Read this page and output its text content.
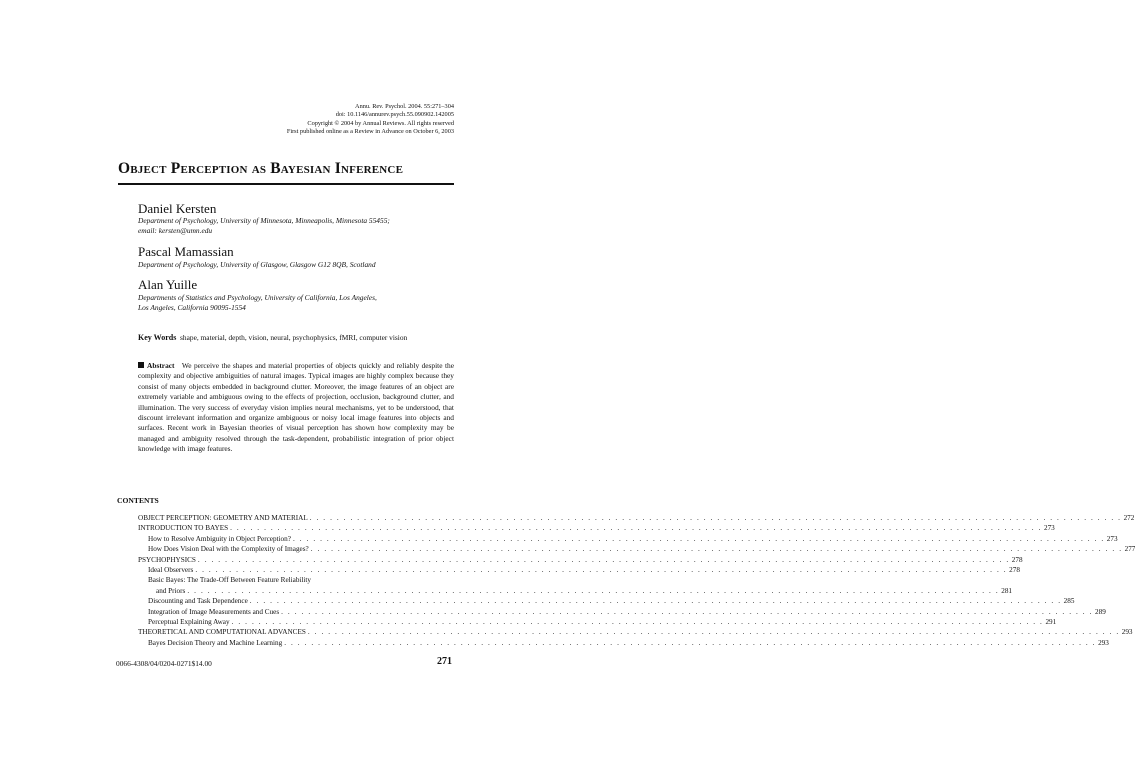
Annu. Rev. Psychol. 2004. 55:271–304
doi: 10.1146/annurev.psych.55.090902.142005
Copyright © 2004 by Annual Reviews. All rights reserved
First published online as a Review in Advance on October 6, 2003
Object Perception as Bayesian Inference
Daniel Kersten
Department of Psychology, University of Minnesota, Minneapolis, Minnesota 55455;
email: kersten@umn.edu
Pascal Mamassian
Department of Psychology, University of Glasgow, Glasgow G12 8QB, Scotland
Alan Yuille
Departments of Statistics and Psychology, University of California, Los Angeles,
Los Angeles, California 90095-1554
Key Words shape, material, depth, vision, neural, psychophysics, fMRI, computer vision
Abstract We perceive the shapes and material properties of objects quickly and reliably despite the complexity and objective ambiguities of natural images. Typical images are highly complex because they consist of many objects embedded in background clutter. Moreover, the image features of an object are extremely variable and ambiguous owing to the effects of projection, occlusion, background clutter, and illumination. The very success of everyday vision implies neural mechanisms, yet to be understood, that discount irrelevant information and organize ambiguous or noisy local image features into objects and surfaces. Recent work in Bayesian theories of visual perception has shown how complexity may be managed and ambiguity resolved through the task-dependent, probabilistic integration of prior object knowledge with image features.
CONTENTS
OBJECT PERCEPTION: GEOMETRY AND MATERIAL . . . . . . . . . . . . . . . . . . . . . . . . . . . . . . . . . . . . . . . . . . . . . . . . . . . . . . . . . . . . . . . . . . . . . . . . . . . . . . . . . . . . . . . . . . . . . . . . . . . . . . . . . . . . . . . . . . . . . . . . 272
INTRODUCTION TO BAYES . . . . . . . . . . . . . . . . . . . . . . . . . . . . . . . . . . . . . . . . . . . . . . . . . . . . . . . . . . . . . . . . . . . . . . . . . . . . . . . . . . . . . . . . . . . . . . . . . . . . . . . . . . . . . . . . . . . . . . . . 273
How to Resolve Ambiguity in Object Perception? . . . . . . . . . . . . . . . . . . . . . . . . . . . . . . . . . . . . . . . . . . . . . . . . . . . . . . . . . . . . . . . . . . . . . . . . . . . . . . . . . . . . . . . . . . . . . . . . . . . . . . . . . . . . . . . . . . . . . . . . 273
How Does Vision Deal with the Complexity of Images? . . . . . . . . . . . . . . . . . . . . . . . . . . . . . . . . . . . . . . . . . . . . . . . . . . . . . . . . . . . . . . . . . . . . . . . . . . . . . . . . . . . . . . . . . . . . . . . . . . . . . . . . . . . . . . . . . . . . . . . . 277
PSYCHOPHYSICS . . . . . . . . . . . . . . . . . . . . . . . . . . . . . . . . . . . . . . . . . . . . . . . . . . . . . . . . . . . . . . . . . . . . . . . . . . . . . . . . . . . . . . . . . . . . . . . . . . . . . . . . . . . . . . . . . . . . . . . . 278
Ideal Observers . . . . . . . . . . . . . . . . . . . . . . . . . . . . . . . . . . . . . . . . . . . . . . . . . . . . . . . . . . . . . . . . . . . . . . . . . . . . . . . . . . . . . . . . . . . . . . . . . . . . . . . . . . . . . . . . . . . . . . . . 278
Basic Bayes: The Trade-Off Between Feature Reliability
and Priors . . . . . . . . . . . . . . . . . . . . . . . . . . . . . . . . . . . . . . . . . . . . . . . . . . . . . . . . . . . . . . . . . . . . . . . . . . . . . . . . . . . . . . . . . . . . . . . . . . . . . . . . . . . . . . . . . . . . . . . . 281
Discounting and Task Dependence . . . . . . . . . . . . . . . . . . . . . . . . . . . . . . . . . . . . . . . . . . . . . . . . . . . . . . . . . . . . . . . . . . . . . . . . . . . . . . . . . . . . . . . . . . . . . . . . . . . . . . . . . . . . . . . . . . . . . . . . 285
Integration of Image Measurements and Cues . . . . . . . . . . . . . . . . . . . . . . . . . . . . . . . . . . . . . . . . . . . . . . . . . . . . . . . . . . . . . . . . . . . . . . . . . . . . . . . . . . . . . . . . . . . . . . . . . . . . . . . . . . . . . . . . . . . . . . . . 289
Perceptual Explaining Away . . . . . . . . . . . . . . . . . . . . . . . . . . . . . . . . . . . . . . . . . . . . . . . . . . . . . . . . . . . . . . . . . . . . . . . . . . . . . . . . . . . . . . . . . . . . . . . . . . . . . . . . . . . . . . . . . . . . . . . . 291
THEORETICAL AND COMPUTATIONAL ADVANCES . . . . . . . . . . . . . . . . . . . . . . . . . . . . . . . . . . . . . . . . . . . . . . . . . . . . . . . . . . . . . . . . . . . . . . . . . . . . . . . . . . . . . . . . . . . . . . . . . . . . . . . . . . . . . . . . . . . . . . . . 293
Bayes Decision Theory and Machine Learning . . . . . . . . . . . . . . . . . . . . . . . . . . . . . . . . . . . . . . . . . . . . . . . . . . . . . . . . . . . . . . . . . . . . . . . . . . . . . . . . . . . . . . . . . . . . . . . . . . . . . . . . . . . . . . . . . . . . . . . . 293
0066-4308/04/0204-0271$14.00	271
